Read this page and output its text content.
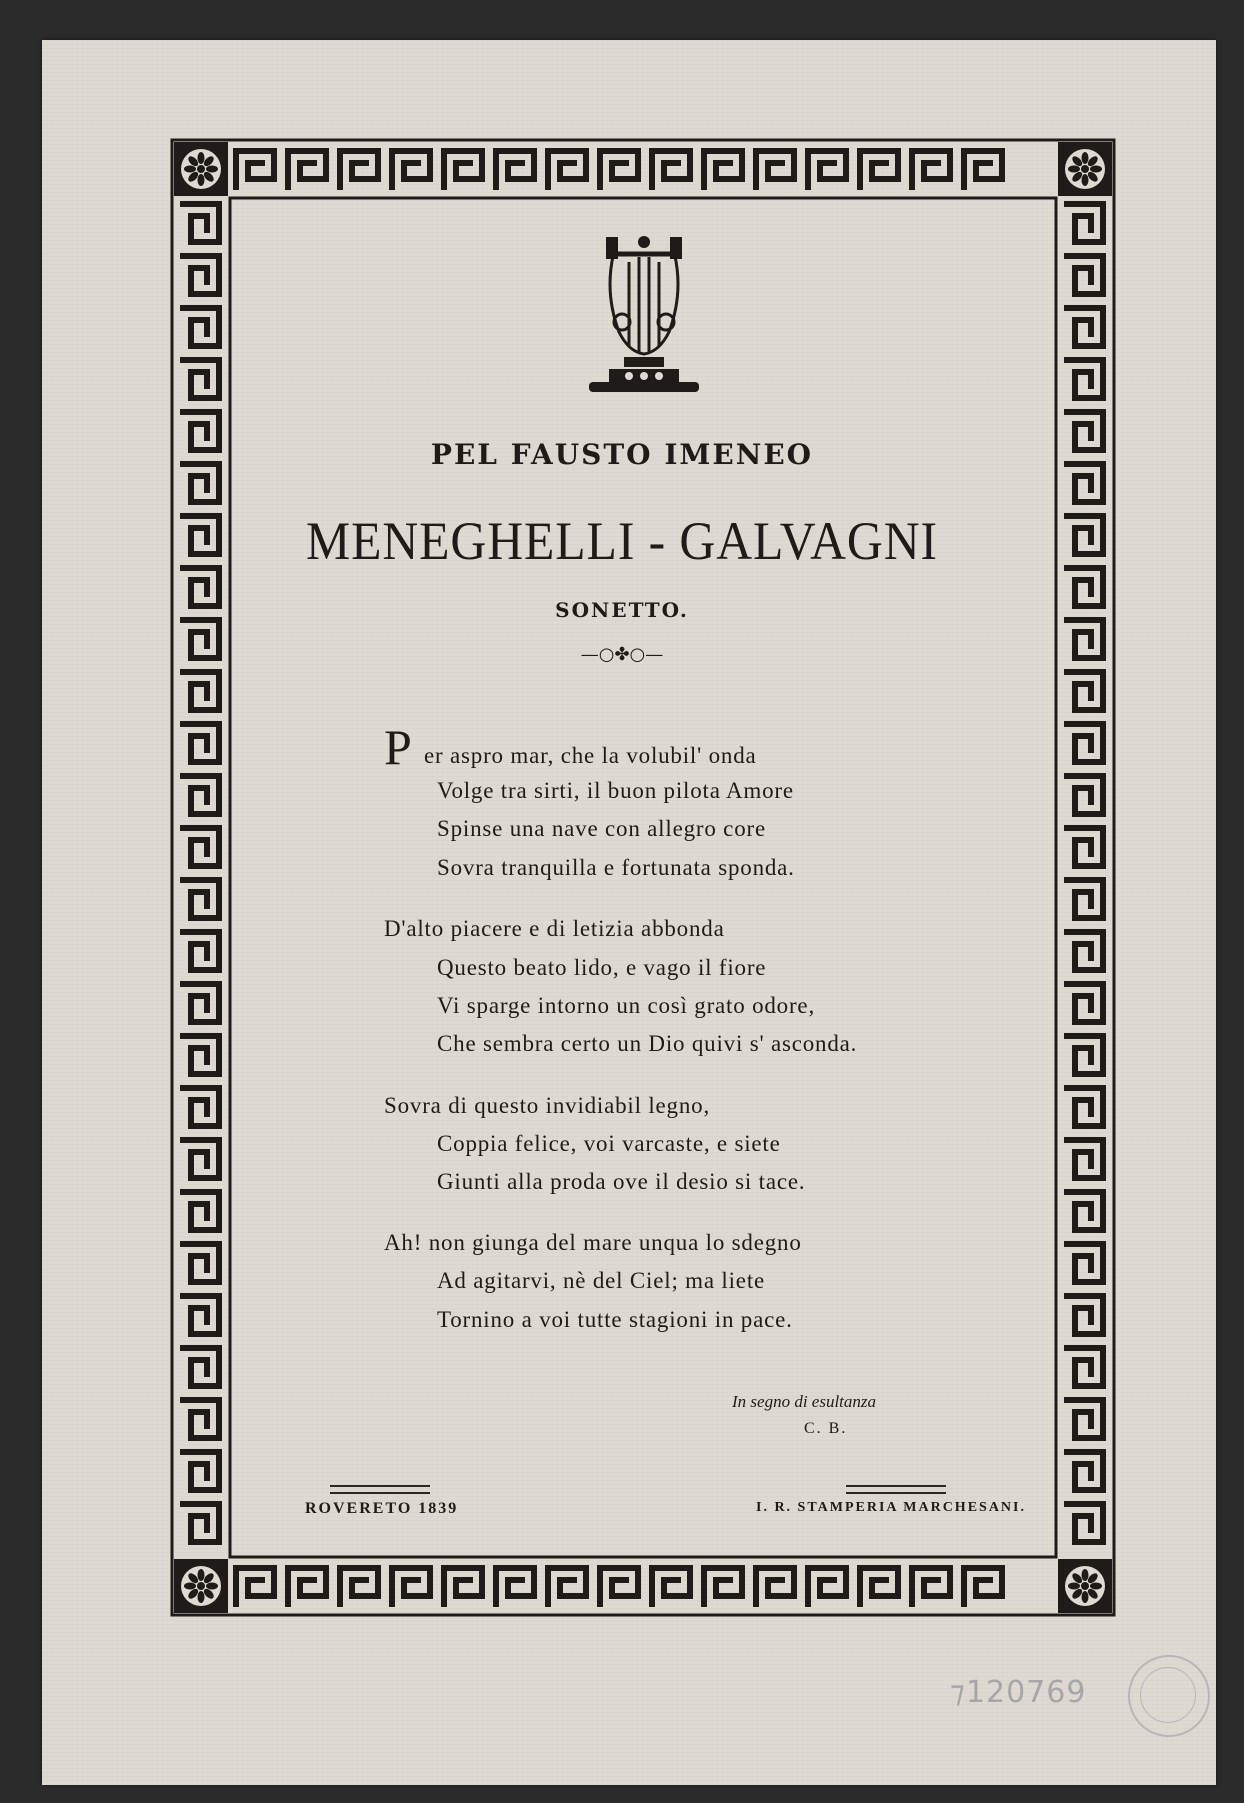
PEL FAUSTO IMENEO
MENEGHELLI - GALVAGNI
SONETTO.
—○✤○—
P er aspro mar, che la volubil' onda
Volge tra sirti, il buon pilota Amore
Spinse una nave con allegro core
Sovra tranquilla e fortunata sponda.
D'alto piacere e di letizia abbonda
Questo beato lido, e vago il fiore
Vi sparge intorno un così grato odore,
Che sembra certo un Dio quivi s' asconda.
Sovra di questo invidiabil legno,
Coppia felice, voi varcaste, e siete
Giunti alla proda ove il desio si tace.
Ah! non giunga del mare unqua lo sdegno
Ad agitarvi, nè del Ciel; ma liete
Tornino a voi tutte stagioni in pace.
In segno di esultanza
C. B.
ROVERETO 1839	I. R. STAMPERIA MARCHESANI.
⁊120769
